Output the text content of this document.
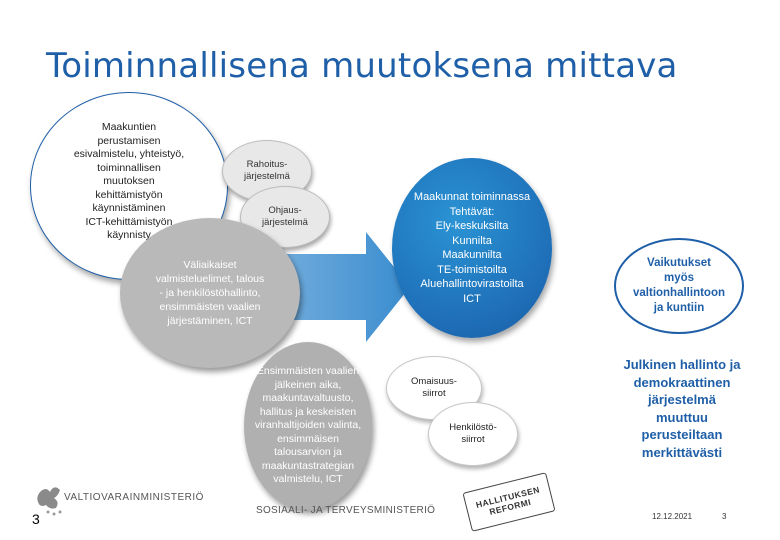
Toiminnallisena muutoksena mittava
Maakuntien
perustamisen
esivalmistelu, yhteistyö,
toiminnallisen
muutoksen
kehittämistyön
käynnistäminen
ICT-kehittämistyön
käynnisty
Rahoitus-
järjestelmä
Ohjaus-
järjestelmä
Väliaikaiset
valmisteluelimet, talous
- ja henkilöstöhallinto,
ensimmäisten vaalien
järjestäminen, ICT
Maakunnat toiminnassa
Tehtävät:
Ely-keskuksilta
Kunnilta
Maakunnilta
TE-toimistoilta
Aluehallintovirastoilta
ICT
Vaikutukset
myös
valtionhallintoon
ja kuntiin
Ensimmäisten vaalien
jälkeinen aika,
maakuntavaltuusto,
hallitus ja keskeisten
viranhaltijoiden valinta,
ensimmäisen
talousarvion ja
maakuntastrategian
valmistelu, ICT
Omaisuus-
siirrot
Henkilöstö-
siirrot
Julkinen hallinto ja
demokraattinen
järjestelmä
muuttuu
perusteiltaan
merkittävästi
VALTIOVARAINMINISTERIÖ
SOSIAALI- JA TERVEYSMINISTERIÖ
HALLITUKSEN
REFORMI
3	12.12.2021	3
